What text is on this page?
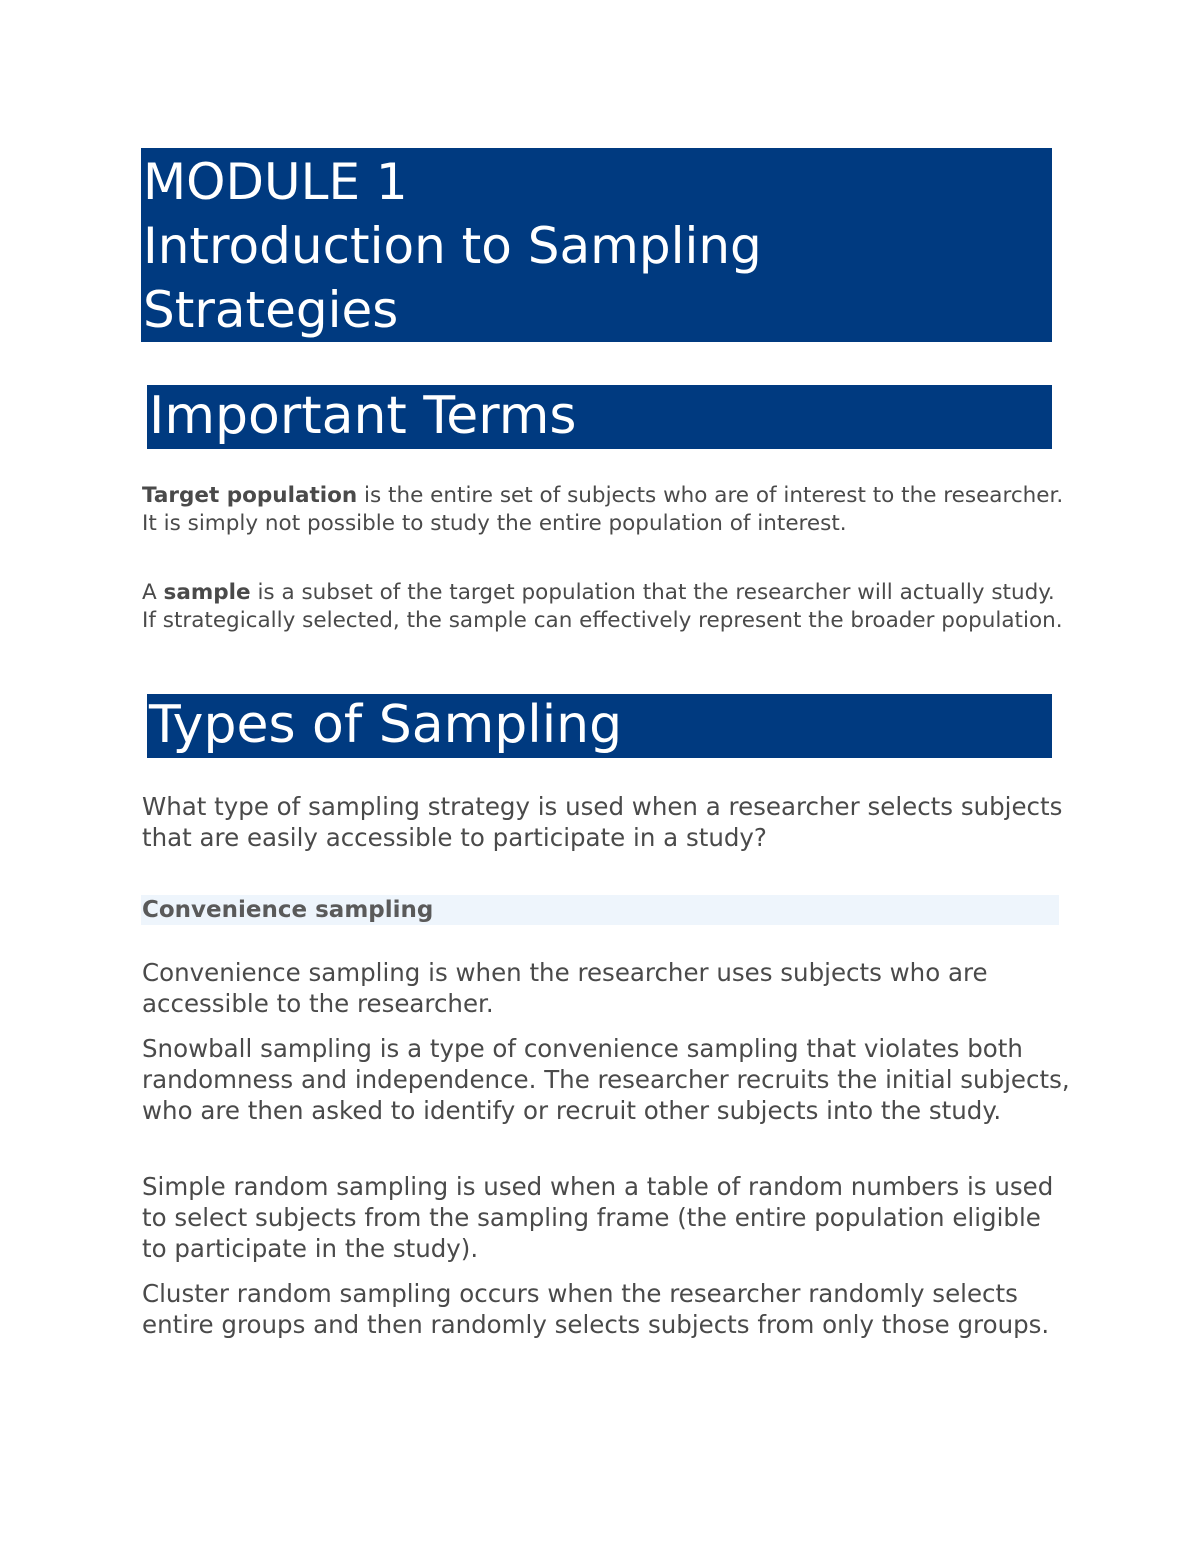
MODULE 1
Introduction to Sampling
Strategies
Important Terms

Target population is the entire set of subjects who are of interest to the researcher. It is simply not possible to study the entire population of interest.

A sample is a subset of the target population that the researcher will actually study. If strategically selected, the sample can effectively represent the broader population.

Types of Sampling

What type of sampling strategy is used when a researcher selects subjects that are easily accessible to participate in a study?

Convenience sampling

Convenience sampling is when the researcher uses subjects who are accessible to the researcher.

Snowball sampling is a type of convenience sampling that violates both randomness and independence. The researcher recruits the initial subjects, who are then asked to identify or recruit other subjects into the study.

Simple random sampling is used when a table of random numbers is used to select subjects from the sampling frame (the entire population eligible to participate in the study).

Cluster random sampling occurs when the researcher randomly selects entire groups and then randomly selects subjects from only those groups.
